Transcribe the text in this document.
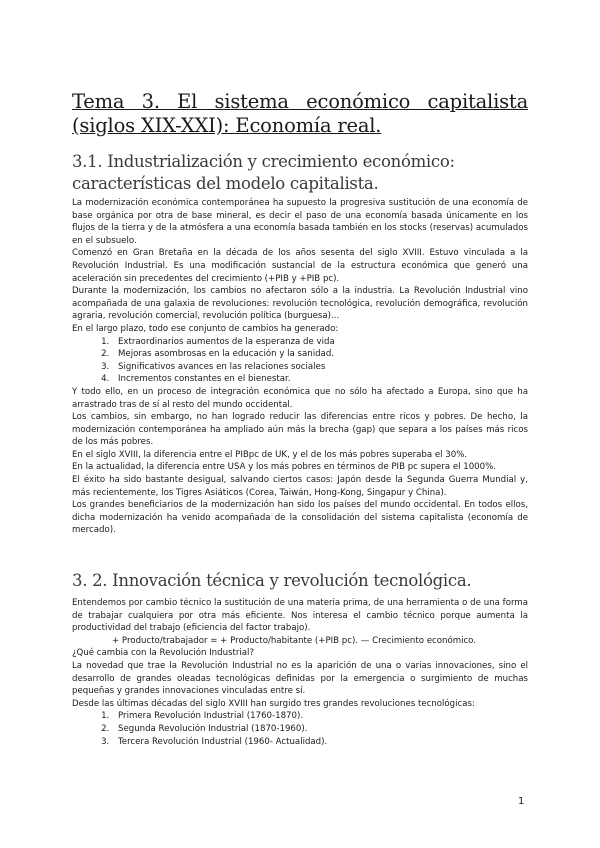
Tema 3. El sistema económico capitalista (siglos XIX-XXI): Economía real.
3.1. Industrialización y crecimiento económico: características del modelo capitalista.

La modernización económica contemporánea ha supuesto la progresiva sustitución de una economía de base orgánica por otra de base mineral, es decir el paso de una economía basada únicamente en los flujos de la tierra y de la atmósfera a una economía basada también en los stocks (reservas) acumulados en el subsuelo.

Comenzó en Gran Bretaña en la década de los años sesenta del siglo XVIII. Estuvo vinculada a la Revolución Industrial. Es una modificación sustancial de la estructura económica que generó una aceleración sin precedentes del crecimiento (+PIB y +PIB pc).

Durante la modernización, los cambios no afectaron sólo a la industria. La Revolución Industrial vino acompañada de una galaxia de revoluciones: revolución tecnológica, revolución demográfica, revolución agraria, revolución comercial, revolución política (burguesa)...

En el largo plazo, todo ese conjunto de cambios ha generado:

1. Extraordinarios aumentos de la esperanza de vida
2. Mejoras asombrosas en la educación y la sanidad.
3. Significativos avances en las relaciones sociales
4. Incrementos constantes en el bienestar.

Y todo ello, en un proceso de integración económica que no sólo ha afectado a Europa, sino que ha arrastrado tras de sí al resto del mundo occidental.

Los cambios, sin embargo, no han logrado reducir las diferencias entre ricos y pobres. De hecho, la modernización contemporánea ha ampliado aún más la brecha (gap) que separa a los países más ricos de los más pobres.

En el siglo XVIII, la diferencia entre el PIBpc de UK, y el de los más pobres superaba el 30%.

En la actualidad, la diferencia entre USA y los más pobres en términos de PIB pc supera el 1000%.

El éxito ha sido bastante desigual, salvando ciertos casos: Japón desde la Segunda Guerra Mundial y, más recientemente, los Tigres Asiáticos (Corea, Taiwán, Hong-Kong, Singapur y China).

Los grandes beneficiarios de la modernización han sido los países del mundo occidental. En todos ellos, dicha modernización ha venido acompañada de la consolidación del sistema capitalista (economía de mercado).

3. 2. Innovación técnica y revolución tecnológica.

Entendemos por cambio técnico la sustitución de una materia prima, de una herramienta o de una forma de trabajar cualquiera por otra más eficiente. Nos interesa el cambio técnico porque aumenta la productividad del trabajo (eficiencia del factor trabajo).

+ Producto/trabajador = + Producto/habitante (+PIB pc). — Crecimiento económico.

¿Qué cambia con la Revolución Industrial?

La novedad que trae la Revolución Industrial no es la aparición de una o varias innovaciones, sino el desarrollo de grandes oleadas tecnológicas definidas por la emergencia o surgimiento de muchas pequeñas y grandes innovaciones vinculadas entre sí.

Desde las últimas décadas del siglo XVIII han surgido tres grandes revoluciones tecnológicas:

1. Primera Revolución Industrial (1760-1870).
2. Segunda Revolución Industrial (1870-1960).
3. Tercera Revolución Industrial (1960- Actualidad).
1
